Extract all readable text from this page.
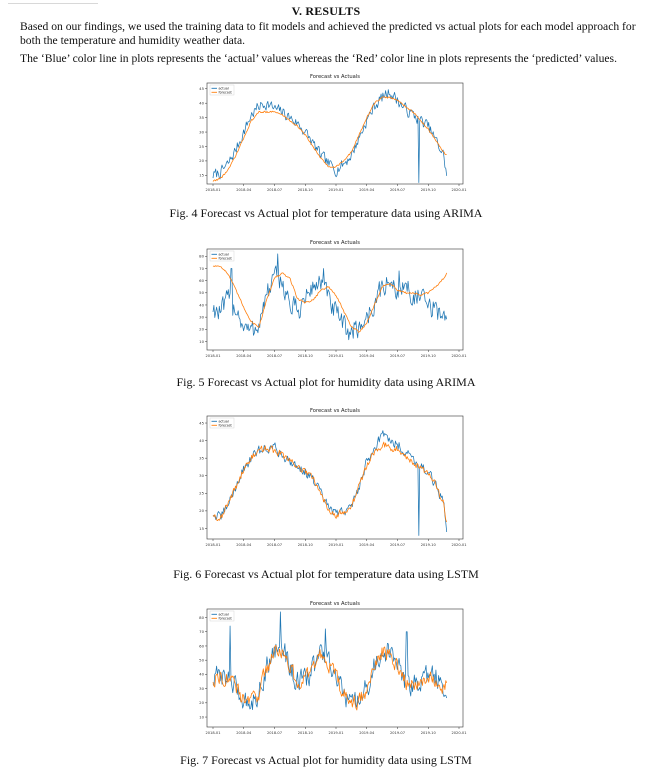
V. RESULTS
Based on our findings, we used the training data to fit models and achieved the predicted vs actual plots for each model approach for both the temperature and humidity weather data.
The ‘Blue’ color line in plots represents the ‘actual’ values whereas the ‘Red’ color line in plots represents the ‘predicted’ values.
Forecast vs Actuals
2018-01	2018-04	2018-07	2018-10	2019-01	2019-04	2019-07	2019-10	2020-01
15
20
25
30
35
40
45	actual
forecast
Fig. 4 Forecast vs Actual plot for temperature data using ARIMA
Forecast vs Actuals
2018-01	2018-04	2018-07	2018-10	2019-01	2019-04	2019-07	2019-10	2020-01
10
20
30
40
50
60
70
80	actual
forecast
Fig. 5 Forecast vs Actual plot for humidity data using ARIMA
Forecast vs Actuals
2018-01	2018-04	2018-07	2018-10	2019-01	2019-04	2019-07	2019-10	2020-01
15
20
25
30
35
40
45	actual
forecast
Fig. 6 Forecast vs Actual plot for temperature data using LSTM
Forecast vs Actuals
2018-01	2018-04	2018-07	2018-10	2019-01	2019-04	2019-07	2019-10	2020-01
10
20
30
40
50
60
70
80
actual
forecast
Fig. 7 Forecast vs Actual plot for humidity data using LSTM
